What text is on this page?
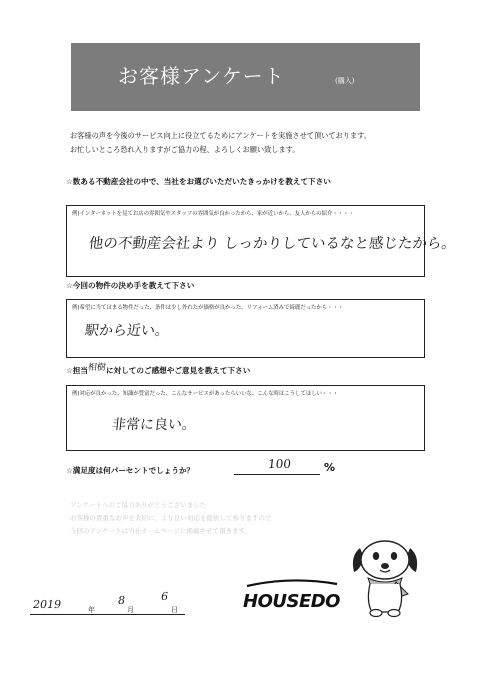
お客様アンケート	(購入)
お客様の声を今後のサービス向上に役立てるためにアンケートを実施させて頂いております。
お忙しいところ恐れ入りますがご協力の程、よろしくお願い致します。
☆数ある不動産会社の中で、当社をお選びいただいたきっかけを教えて下さい
例)インターネットを見てお店の雰囲気やスタッフの雰囲気が良かったから、家が近いから、友人からの紹介・・・・
他の不動産会社より しっかりしているなと感じたから。
☆今回の物件の決め手を教えて下さい
例)希望に当てはまる物件だった、条件は少し外れたが価格が良かった、リフォーム済みで綺麗だったから・・・
駅から近い。
☆担当相樹に対してのご感想やご意見を教えて下さい
例)対応が良かった、知識が豊富だった、こんなサービスがあったらいいな、こんな時はこうしてほしい・・・
非常に良い。
☆満足度は何パーセントでしょうか？	100	%
アンケートへのご協力ありがとうございました
お客様の貴重なお声を大切に、より良い対応を提供して参りますので
今回のアンケートは当社ホームページに掲載させて頂きます。
2019	年
8
月
6
日	HOUSEDO
